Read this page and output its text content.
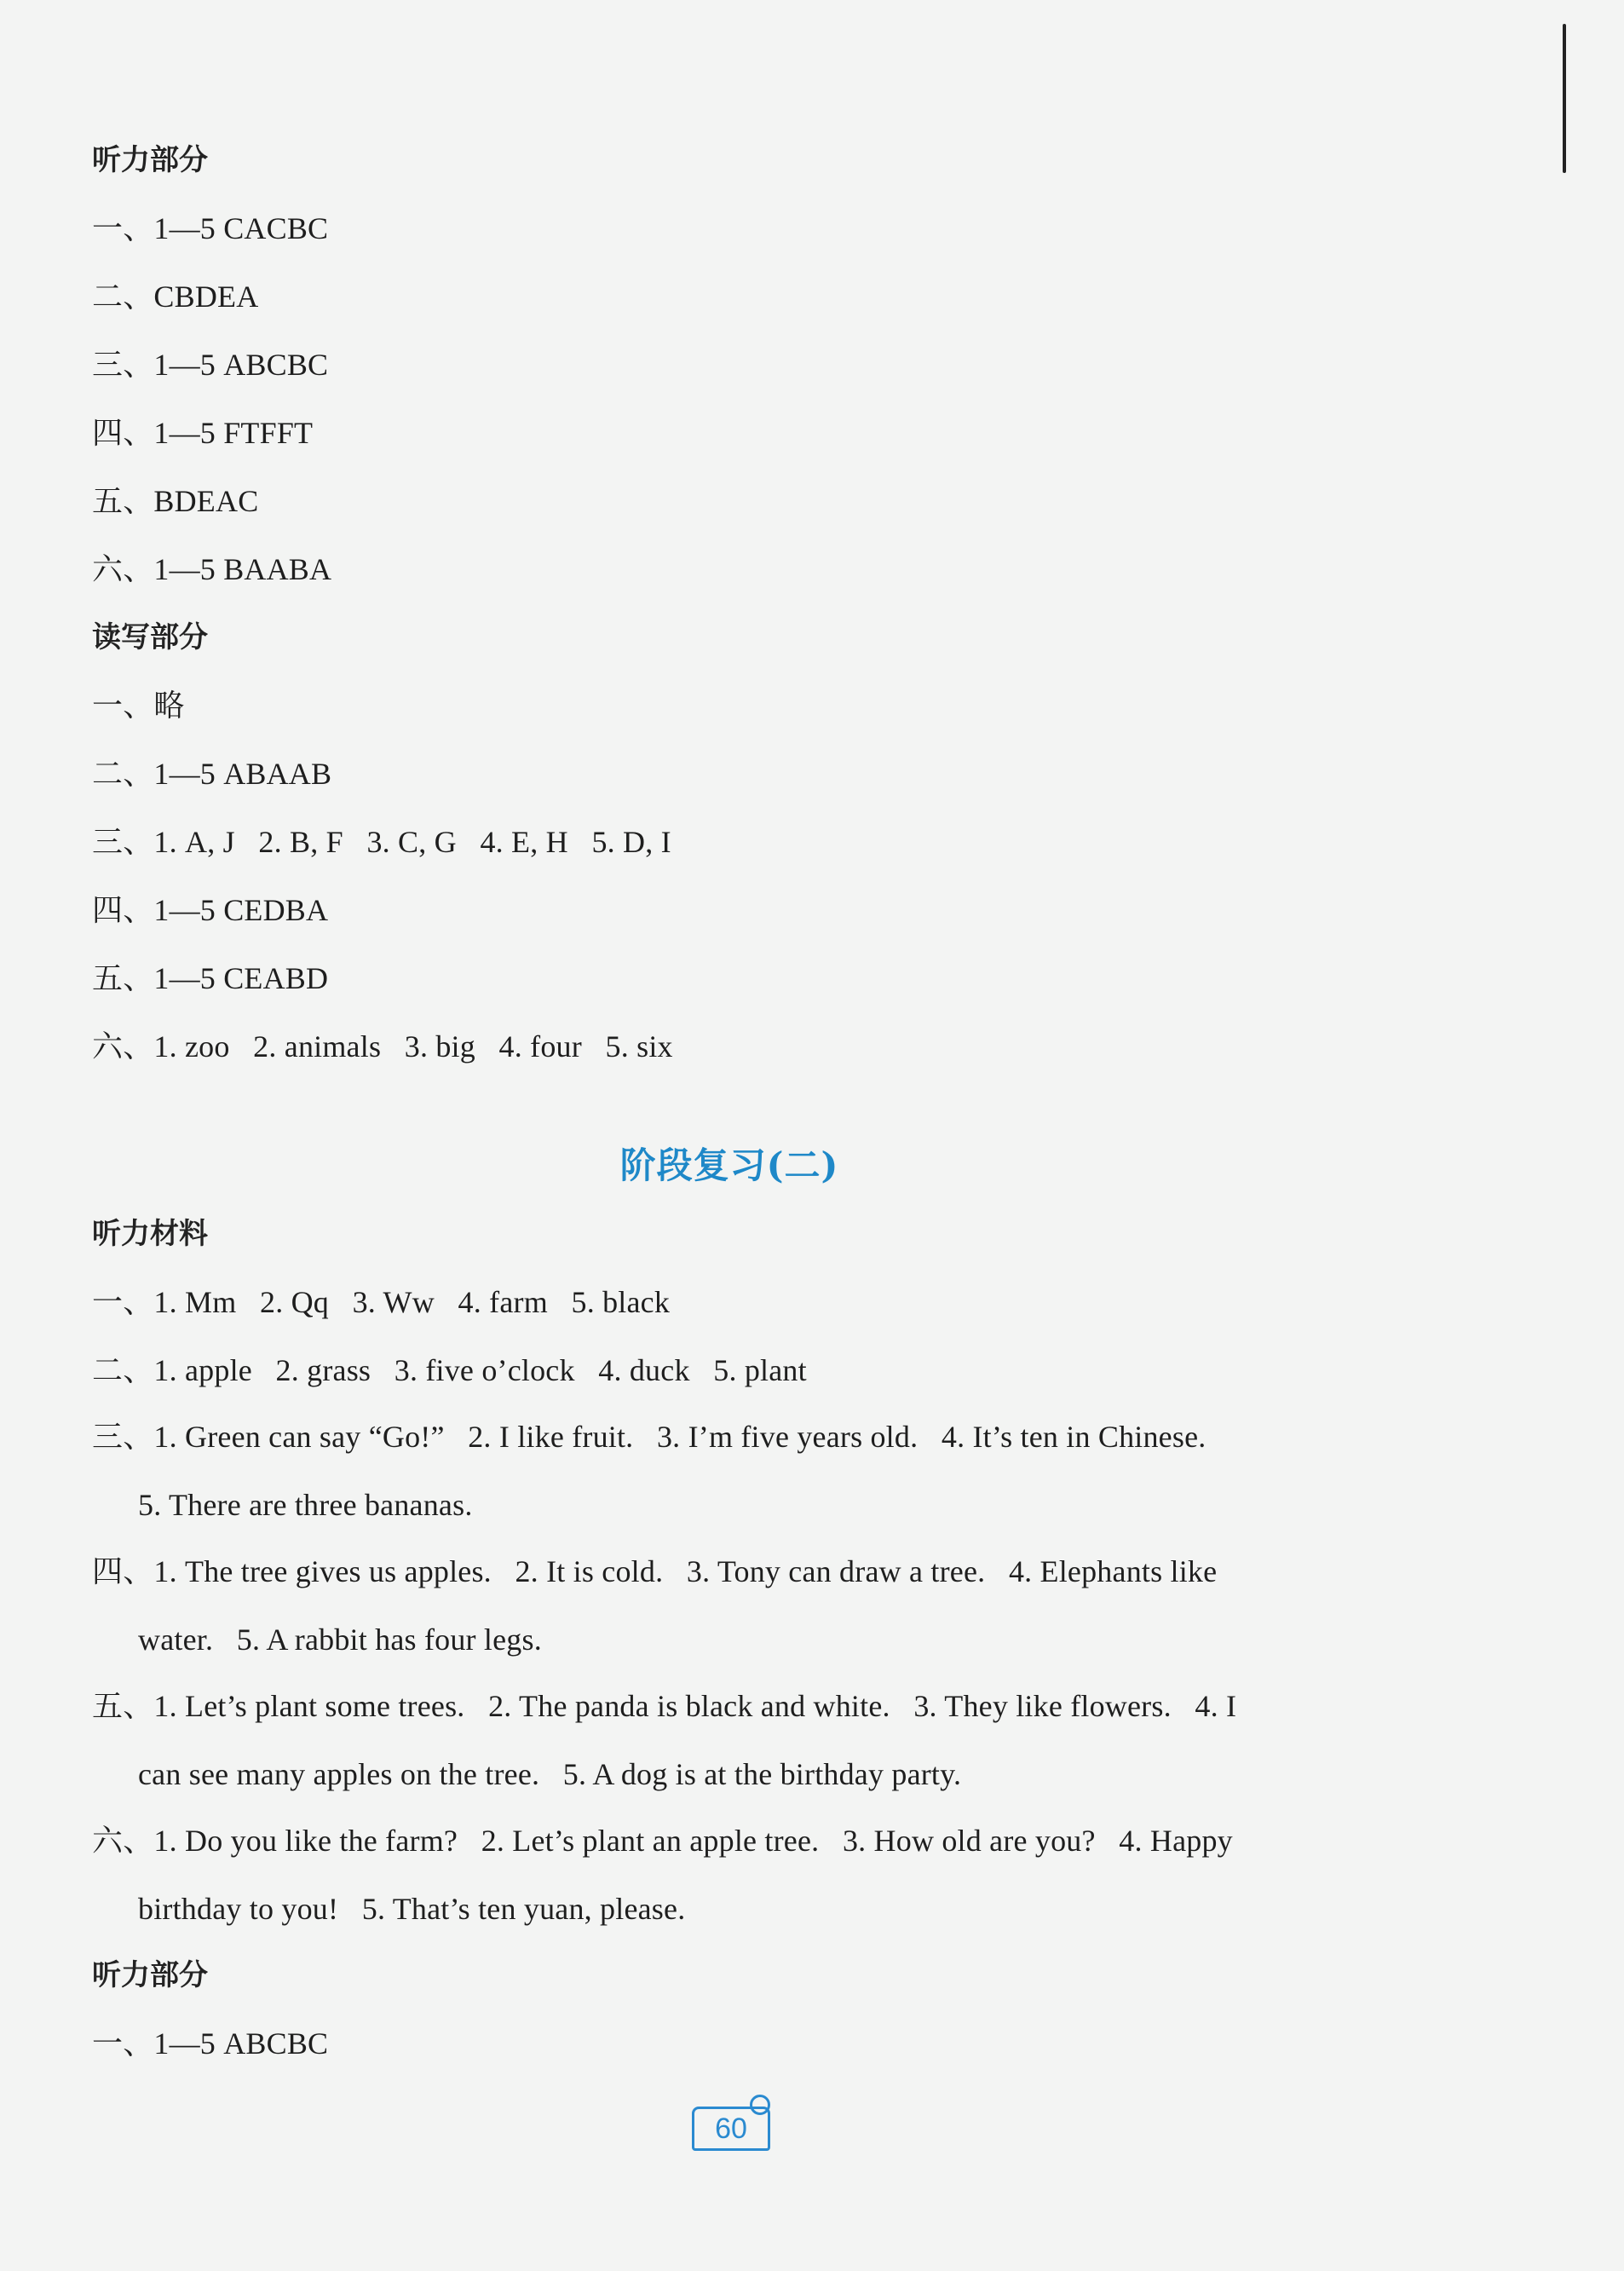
听力部分
一、1—5 CACBC
二、CBDEA
三、1—5 ABCBC
四、1—5 FTFFT
五、BDEAC
六、1—5 BAABA
读写部分
一、略
二、1—5 ABAAB
三、1. A, J   2. B, F   3. C, G   4. E, H   5. D, I
四、1—5 CEDBA
五、1—5 CEABD
六、1. zoo   2. animals   3. big   4. four   5. six
阶段复习(二)
听力材料
一、1. Mm   2. Qq   3. Ww   4. farm   5. black
二、1. apple   2. grass   3. five o’clock   4. duck   5. plant
三、1. Green can say “Go!”   2. I like fruit.   3. I’m five years old.   4. It’s ten in Chinese.
5. There are three bananas.
四、1. The tree gives us apples.   2. It is cold.   3. Tony can draw a tree.   4. Elephants like
water.   5. A rabbit has four legs.
五、1. Let’s plant some trees.   2. The panda is black and white.   3. They like flowers.   4. I
can see many apples on the tree.   5. A dog is at the birthday party.
六、1. Do you like the farm?   2. Let’s plant an apple tree.   3. How old are you?   4. Happy
birthday to you!   5. That’s ten yuan, please.
听力部分
一、1—5 ABCBC
60
